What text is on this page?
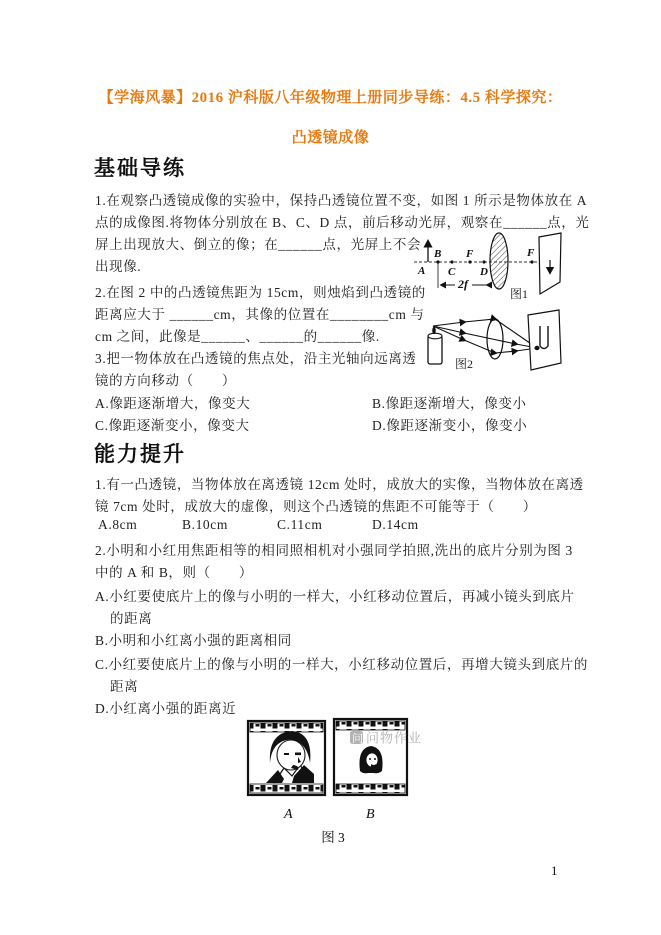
【学海风暴】2016 沪科版八年级物理上册同步导练：4.5 科学探究：
凸透镜成像
基础导练
1.在观察凸透镜成像的实验中，保持凸透镜位置不变，如图 1 所示是物体放在 A
点的成像图.将物体分别放在 B、C、D 点，前后移动光屏，观察在______点，光
屏上出现放大、倒立的像；在______点，光屏上不会
出现像.	A
B
C
F
D
F
2f
图1
2.在图 2 中的凸透镜焦距为 15cm，则烛焰到凸透镜的
距离应大于 ______cm，其像的位置在________cm 与
cm 之间，此像是______、______的______像.
图2
3.把一物体放在凸透镜的焦点处，沿主光轴向远离透
镜的方向移动（　　）
A.像距逐渐增大，像变大	B.像距逐渐增大，像变小
C.像距逐渐变小，像变大	D.像距逐渐变小，像变小
能力提升
1.有一凸透镜，当物体放在离透镜 12cm 处时，成放大的实像，当物体放在离透
镜 7cm 处时，成放大的虚像，则这个凸透镜的焦距不可能等于（　　）
A.8cm	B.10cm	C.11cm	D.14cm
2.小明和小红用焦距相等的相同照相机对小强同学拍照,洗出的底片分别为图 3
中的 A 和 B，则（　　）
A.小红要使底片上的像与小明的一样大，小红移动位置后，再减小镜头到底片
的距离
B.小明和小红离小强的距离相同
C.小红要使底片上的像与小明的一样大，小红移动位置后，再增大镜头到底片的
距离
D.小红离小强的距离近
问 问物作业
A	B
图 3
1
